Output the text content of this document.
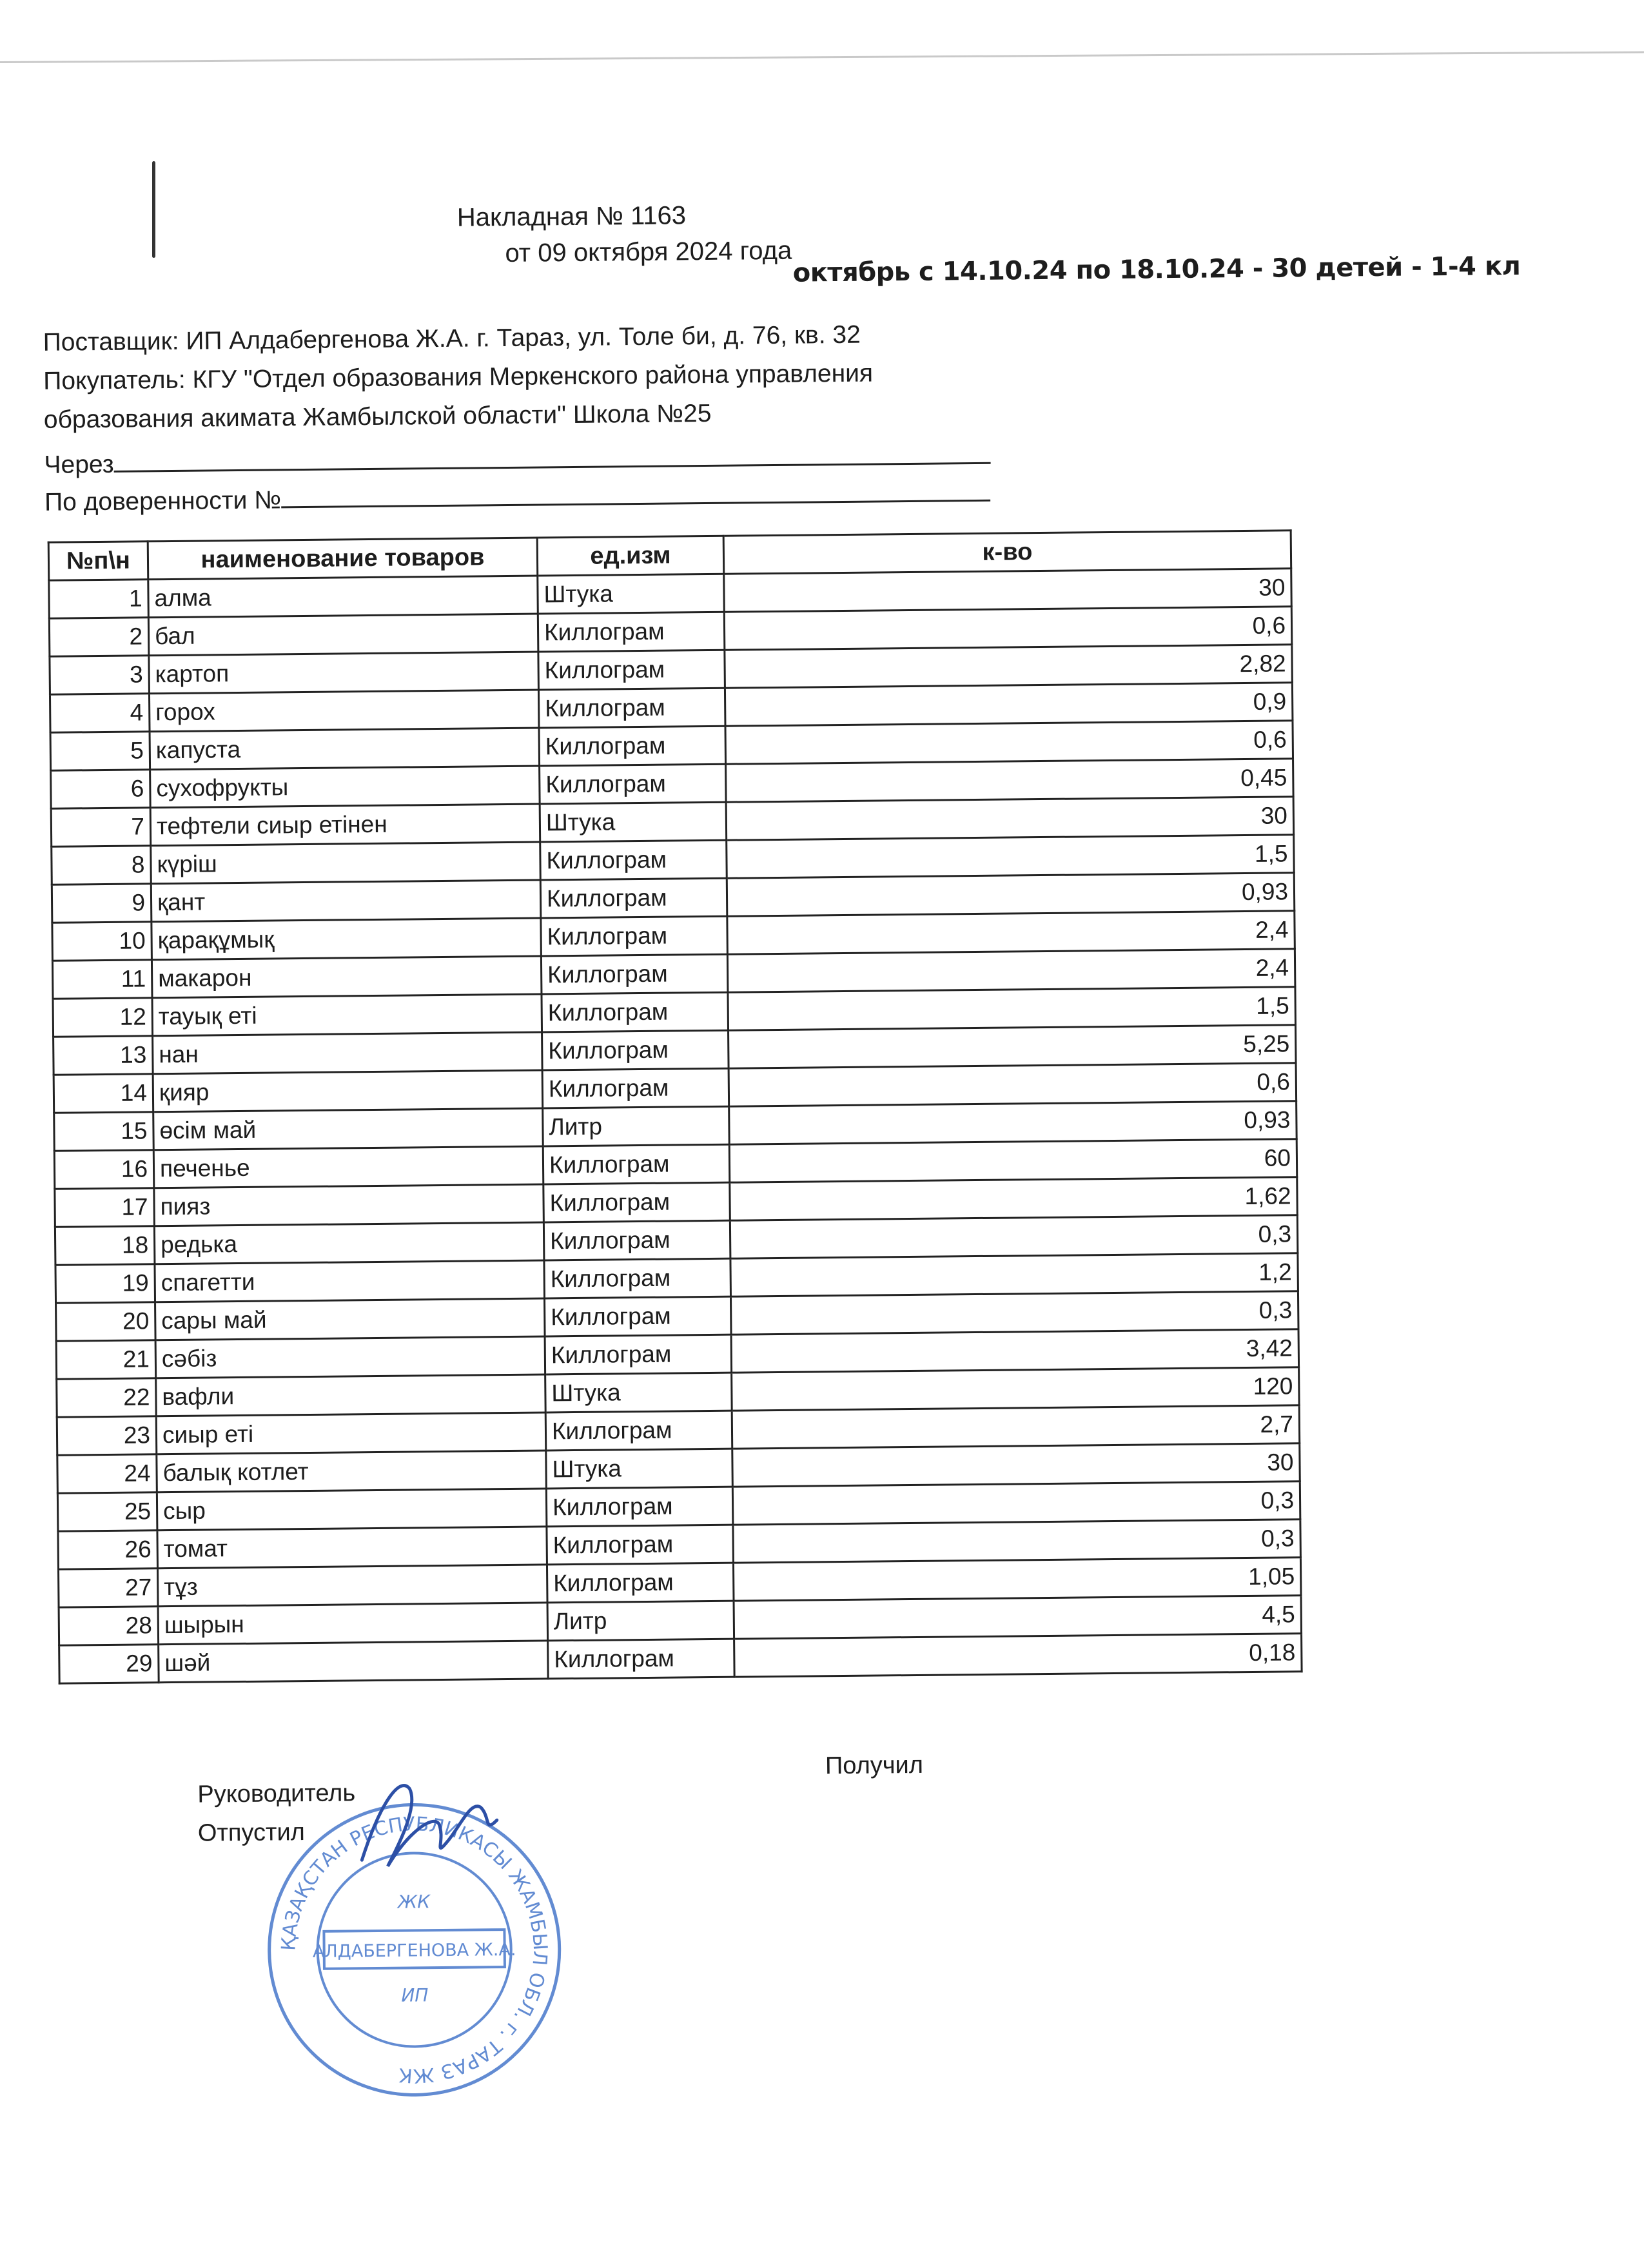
Накладная № 1163
от 09 октября 2024 года октябрь с 14.10.24 по 18.10.24 - 30 детей - 1-4 кл
Поставщик: ИП Алдабергенова Ж.А. г. Тараз, ул. Толе би, д. 76, кв. 32
Покупатель: КГУ "Отдел образования Меркенского района управления
образования акимата Жамбылской области" Школа №25
Через
По доверенности №
№п\н	наименование товаров	ед.изм	к-во
1	алма	Штука	30
2	бал	Киллограм	0,6
3	картоп	Киллограм	2,82
4	горох	Киллограм	0,9
5	капуста	Киллограм	0,6
6	сухофрукты	Киллограм	0,45
7	тефтели сиыр етінен	Штука	30
8	күріш	Киллограм	1,5
9	қант	Киллограм	0,93
10	қарақұмық	Киллограм	2,4
11	макарон	Киллограм	2,4
12	тауық еті	Киллограм	1,5
13	нан	Киллограм	5,25
14	қияр	Киллограм	0,6
15	өсім май	Литр	0,93
16	печенье	Киллограм	60
17	пияз	Киллограм	1,62
18	редька	Киллограм	0,3
19	спагетти	Киллограм	1,2
20	сары май	Киллограм	0,3
21	сәбіз	Киллограм	3,42
22	вафли	Штука	120
23	сиыр еті	Киллограм	2,7
24	балық котлет	Штука	30
25	сыр	Киллограм	0,3
26	томат	Киллограм	0,3
27	тұз	Киллограм	1,05
28	шырын	Литр	4,5
29	шәй	Киллограм	0,18
Руководитель
Отпустил
Получил
ҚАЗАҚСТАН РЕСПУБЛИКАСЫ ЖАМБЫЛ ОБЛ. г. ТАРАЗ ЖК
ЖК
АЛДАБЕРГЕНОВА Ж.А.
ИП
